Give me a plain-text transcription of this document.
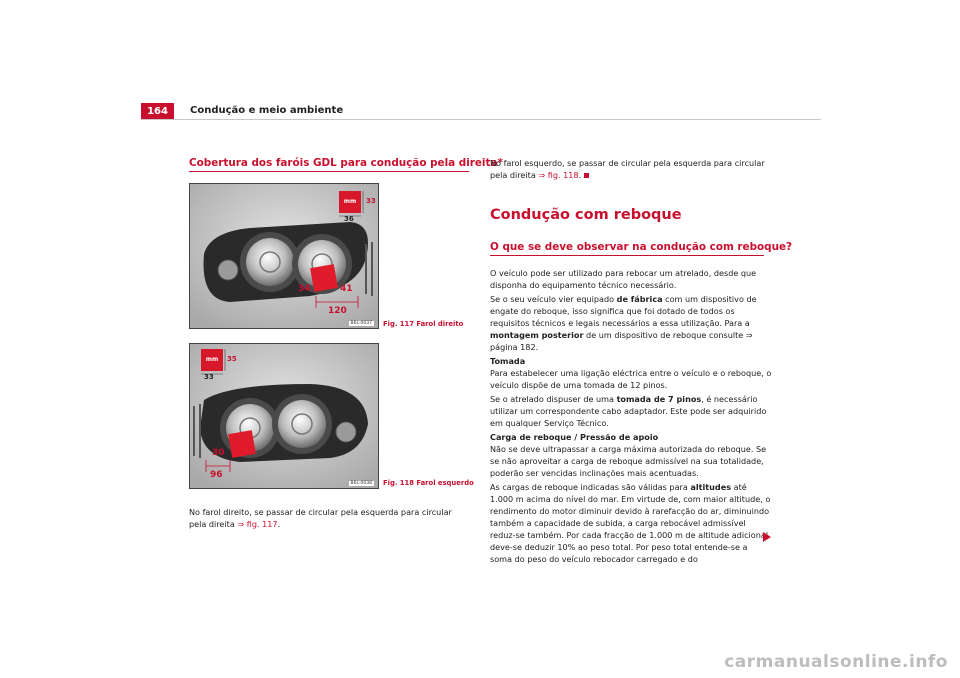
164	Condução e meio ambiente
Cobertura dos faróis GDL para condução pela direita*
mm	33
36
34	41
120
B6L-0037 Fig. 117 Farol direito
mm	35
33
30
96
B6L-0038 Fig. 118 Farol esquerdo
No farol direito, se passar de circular pela esquerda para circular pela direita ⇒ fig. 117.
No farol esquerdo, se passar de circular pela esquerda para circular pela direita ⇒ fig. 118.
Condução com reboque
O que se deve observar na condução com reboque?

O veículo pode ser utilizado para rebocar um atrelado, desde que disponha do equipamento técnico necessário.

Se o seu veículo vier equipado de fábrica com um dispositivo de engate do reboque, isso significa que foi dotado de todos os requisitos técnicos e legais necessários a essa utilização. Para a montagem posterior de um dispositivo de reboque consulte ⇒ página 182.

Tomada

Para estabelecer uma ligação eléctrica entre o veículo e o reboque, o veículo dispõe de uma tomada de 12 pinos.

Se o atrelado dispuser de uma tomada de 7 pinos, é necessário utilizar um correspondente cabo adaptador. Este pode ser adquirido em qualquer Serviço Técnico.

Carga de reboque / Pressão de apoio

Não se deve ultrapassar a carga máxima autorizada do reboque. Se se não aproveitar a carga de reboque admissível na sua totalidade, poderão ser vencidas inclinações mais acentuadas.

As cargas de reboque indicadas são válidas para altitudes até 1.000 m acima do nível do mar. Em virtude de, com maior altitude, o rendimento do motor diminuir devido à rarefacção do ar, diminuindo também a capacidade de subida, a carga rebocável admissível reduz-se também. Por cada fracção de 1.000 m de altitude adicional deve-se deduzir 10% ao peso total. Por peso total entende-se a soma do peso do veículo rebocador carregado e do

carmanualsonline.info
